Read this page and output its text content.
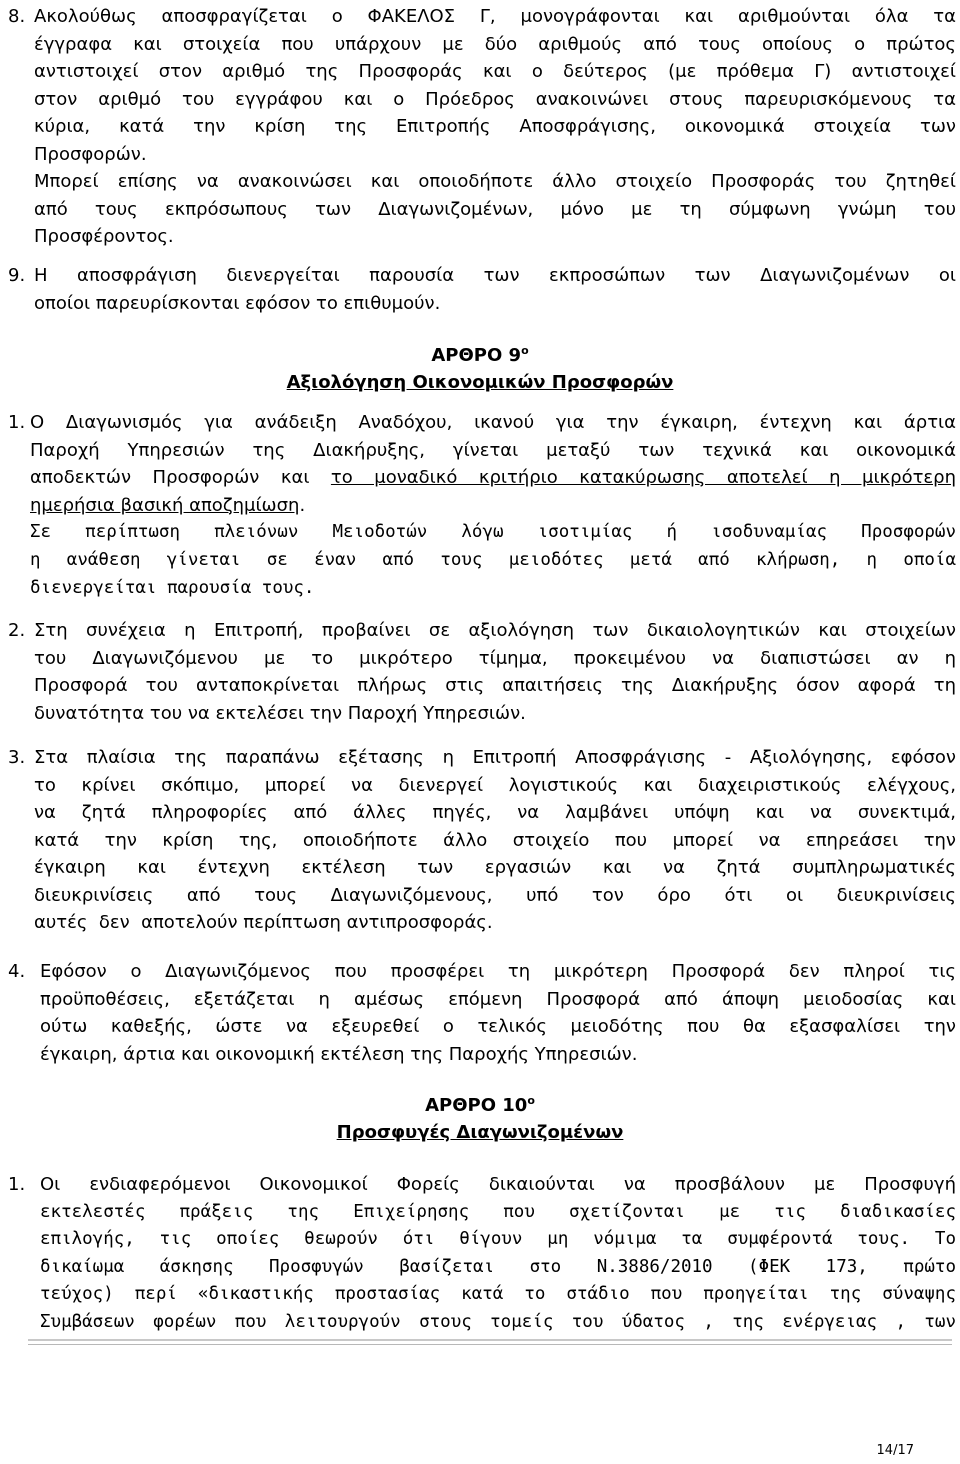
8. Ακολούθως αποσφραγίζεται ο ΦΑΚΕΛΟΣ Γ, μονογράφονται και αριθμούνται όλα τα
έγγραφα και στοιχεία που υπάρχουν με δύο αριθμούς από τους οποίους ο πρώτος
αντιστοιχεί στον αριθμό της Προσφοράς και ο δεύτερος (με πρόθεμα Γ) αντιστοιχεί
στον αριθμό του εγγράφου και ο Πρόεδρος ανακοινώνει στους παρευρισκόμενους τα
κύρια, κατά την κρίση της Επιτροπής Αποσφράγισης, οικονομικά στοιχεία των
Προσφορών.
Μπορεί επίσης να ανακοινώσει και οποιοδήποτε άλλο στοιχείο Προσφοράς του ζητηθεί
από τους εκπρόσωπους των Διαγωνιζομένων, μόνο με τη σύμφωνη γνώμη του
Προσφέροντος.
9. Η αποσφράγιση διενεργείται παρουσία των εκπροσώπων των Διαγωνιζομένων οι
οποίοι παρευρίσκονται εφόσον το επιθυμούν.
ΑΡΘΡΟ $9^o$
Αξιολόγηση Οικονομικών Προσφορών
1. Ο Διαγωνισμός για ανάδειξη Αναδόχου, ικανού για την έγκαιρη, έντεχνη και άρτια
Παροχή Υπηρεσιών της Διακήρυξης, γίνεται μεταξύ των τεχνικά και οικονομικά
αποδεκτών Προσφορών και το μοναδικό κριτήριο κατακύρωσης αποτελεί η μικρότερη
ημερήσια βασική αποζημίωση.
Σε περίπτωση πλειόνων Μειοδοτών λόγω ισοτιμίας ή ισοδυναμίας Προσφορών
η ανάθεση γίνεται σε έναν από τους μειοδότες μετά από κλήρωση, η οποία
διενεργείται παρουσία τους.
2. Στη συνέχεια η Επιτροπή, προβαίνει σε αξιολόγηση των δικαιολογητικών και στοιχείων
του Διαγωνιζόμενου με το μικρότερο τίμημα, προκειμένου να διαπιστώσει αν η
Προσφορά του ανταποκρίνεται πλήρως στις απαιτήσεις της Διακήρυξης όσον αφορά τη
δυνατότητα του να εκτελέσει την Παροχή Υπηρεσιών.
3. Στα πλαίσια της παραπάνω εξέτασης η Επιτροπή Αποσφράγισης - Αξιολόγησης, εφόσον
το κρίνει σκόπιμο, μπορεί να διενεργεί λογιστικούς και διαχειριστικούς ελέγχους,
να ζητά πληροφορίες από άλλες πηγές, να λαμβάνει υπόψη και να συνεκτιμά,
κατά την κρίση της, οποιοδήποτε άλλο στοιχείο που μπορεί να επηρεάσει την
έγκαιρη και έντεχνη εκτέλεση των εργασιών και να ζητά συμπληρωματικές
διευκρινίσεις από τους Διαγωνιζόμενους, υπό τον όρο ότι οι διευκρινίσεις
αυτές  δεν  αποτελούν περίπτωση αντιπροσφοράς.
4. Εφόσον ο Διαγωνιζόμενος που προσφέρει τη μικρότερη Προσφορά δεν πληροί τις
προϋποθέσεις, εξετάζεται η αμέσως επόμενη Προσφορά από άποψη μειοδοσίας και
ούτω καθεξής, ώστε να εξευρεθεί ο τελικός μειοδότης που θα εξασφαλίσει την
έγκαιρη, άρτια και οικονομική εκτέλεση της Παροχής Υπηρεσιών.
ΑΡΘΡΟ $10^o$
Προσφυγές Διαγωνιζομένων
1. Οι ενδιαφερόμενοι Οικονομικοί Φορείς δικαιούνται να προσβάλουν με Προσφυγή
εκτελεστές πράξεις της Επιχείρησης που σχετίζονται με τις διαδικασίες
επιλογής, τις οποίες θεωρούν ότι θίγουν μη νόμιμα τα συμφέροντά τους. Το
δικαίωμα άσκησης Προσφυγών βασίζεται στο Ν.3886/2010 (ΦΕΚ 173, πρώτο
τεύχος) περί «δικαστικής προστασίας κατά το στάδιο που προηγείται της σύναψης
Συμβάσεων φορέων που λειτουργούν στους τομείς του ύδατος , της ενέργειας , των
14/17
